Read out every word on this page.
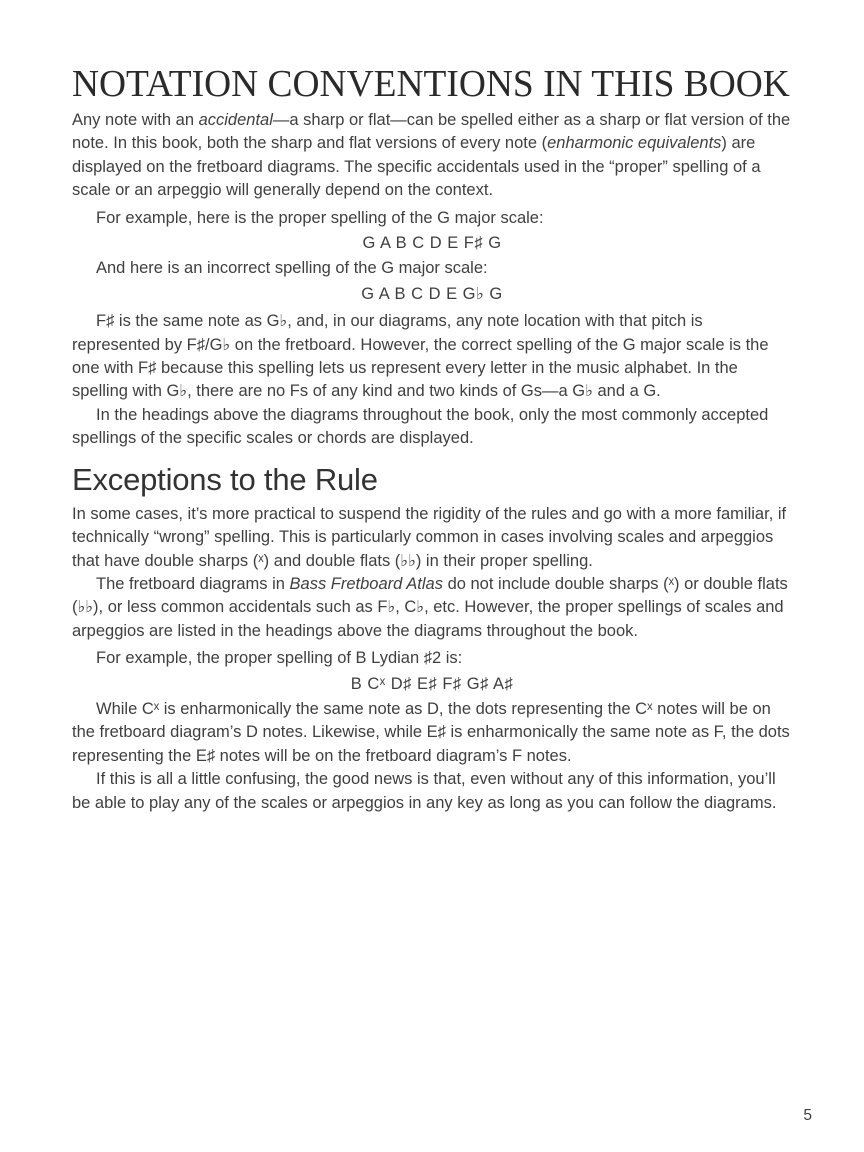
NOTATION CONVENTIONS IN THIS BOOK

Any note with an accidental—a sharp or flat—can be spelled either as a sharp or flat version of the note. In this book, both the sharp and flat versions of every note (enharmonic equivalents) are displayed on the fretboard diagrams. The specific accidentals used in the “proper” spelling of a scale or an arpeggio will generally depend on the context.

For example, here is the proper spelling of the G major scale:

G A B C D E F♯ G

And here is an incorrect spelling of the G major scale:

G A B C D E G♭ G

F♯ is the same note as G♭, and, in our diagrams, any note location with that pitch is represented by F♯/G♭ on the fretboard. However, the correct spelling of the G major scale is the one with F♯ because this spelling lets us represent every letter in the music alphabet. In the spelling with G♭, there are no Fs of any kind and two kinds of Gs—a G♭ and a G.

In the headings above the diagrams throughout the book, only the most commonly accepted spellings of the specific scales or chords are displayed.

Exceptions to the Rule

In some cases, it’s more practical to suspend the rigidity of the rules and go with a more familiar, if technically “wrong” spelling. This is particularly common in cases involving scales and arpeggios that have double sharps (ˣ) and double flats (♭♭) in their proper spelling.

The fretboard diagrams in Bass Fretboard Atlas do not include double sharps (ˣ) or double flats (♭♭), or less common accidentals such as F♭, C♭, etc. However, the proper spellings of scales and arpeggios are listed in the headings above the diagrams throughout the book.

For example, the proper spelling of B Lydian ♯2 is:

B Cˣ D♯ E♯ F♯ G♯ A♯

While Cˣ is enharmonically the same note as D, the dots representing the Cˣ notes will be on the fretboard diagram’s D notes. Likewise, while E♯ is enharmonically the same note as F, the dots representing the E♯ notes will be on the fretboard diagram’s F notes.

If this is all a little confusing, the good news is that, even without any of this information, you’ll be able to play any of the scales or arpeggios in any key as long as you can follow the diagrams.

5
